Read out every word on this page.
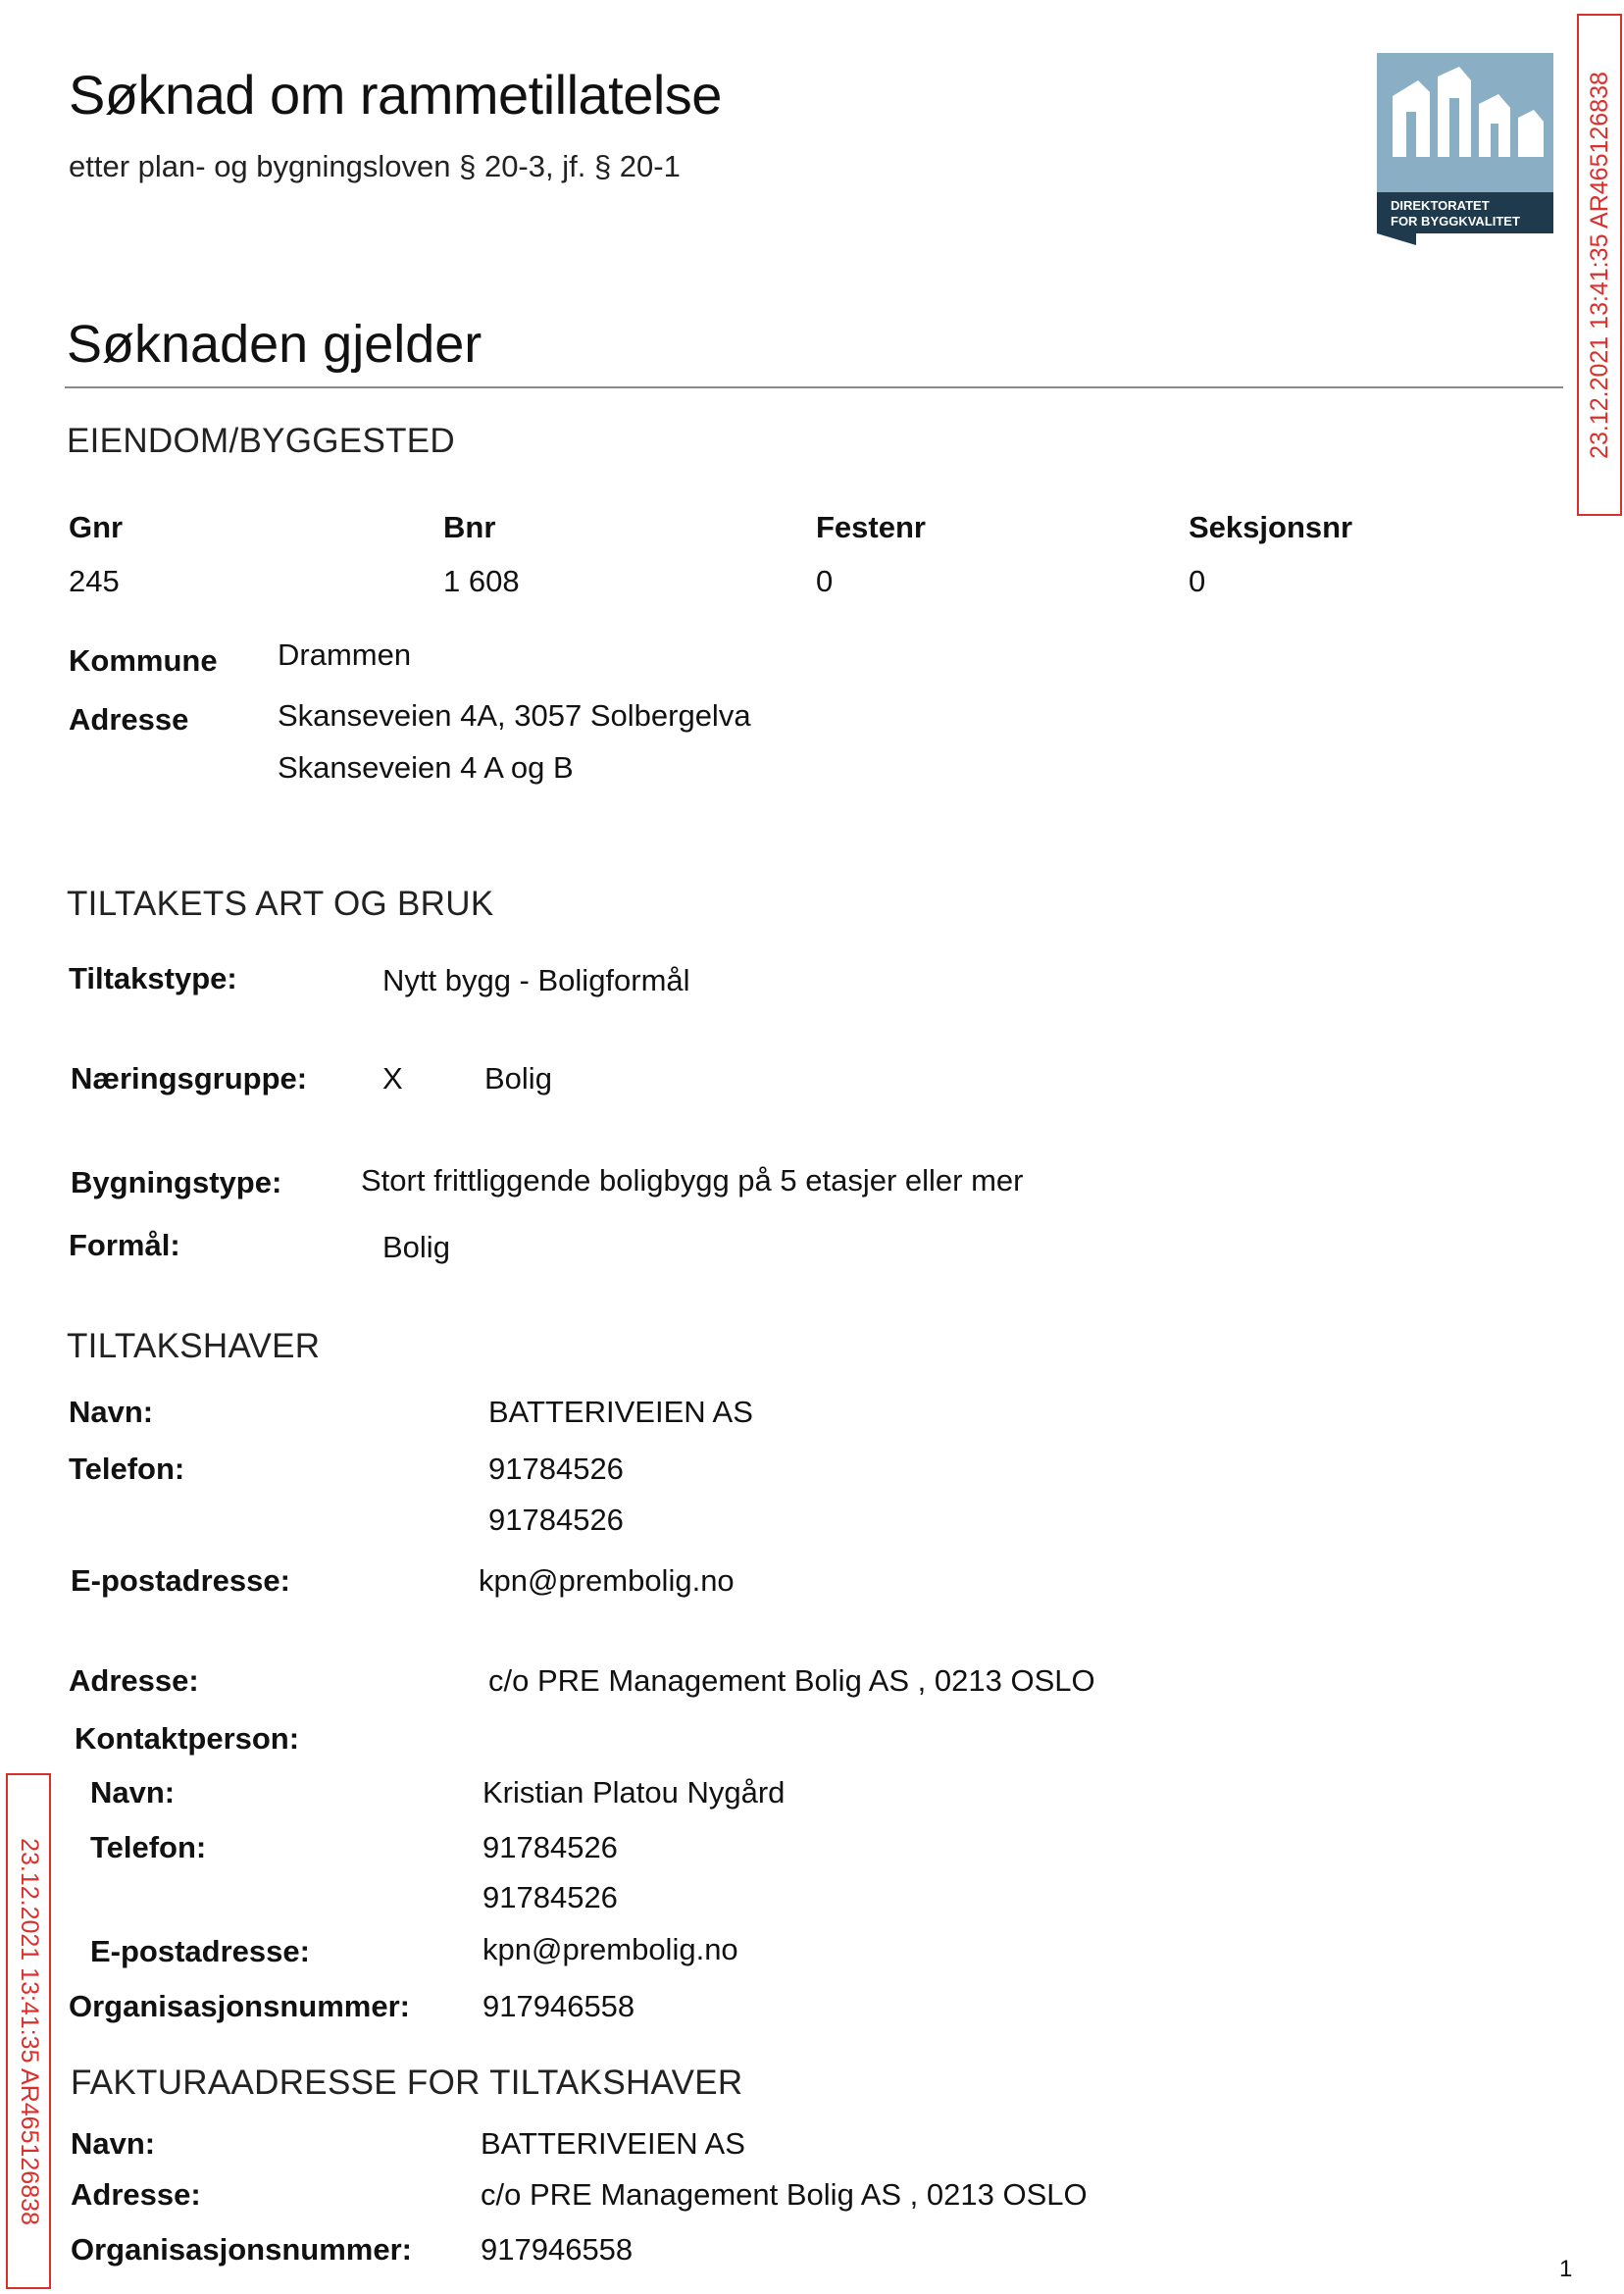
Søknad om rammetillatelse
etter plan- og bygningsloven § 20-3, jf. § 20-1
DIREKTORATET
FOR BYGGKVALITET	23.12.2021 13:41:35 AR465126838
Søknaden gjelder
EIENDOM/BYGGESTED
Gnr	Bnr	Festenr	Seksjonsnr
245	1 608	0	0
Kommune Drammen
Adresse	Skanseveien 4A, 3057 Solbergelva
Skanseveien 4 A og B
TILTAKETS ART OG BRUK
Tiltakstype:	Nytt bygg - Boligformål
Næringsgruppe: X	Bolig
Bygningstype:	Stort frittliggende boligbygg på 5 etasjer eller mer
Formål:	Bolig
TILTAKSHAVER
Navn:	BATTERIVEIEN AS
Telefon:	91784526
91784526
E-postadresse:	kpn@prembolig.no
Adresse:	c/o PRE Management Bolig AS , 0213 OSLO
Kontaktperson:
Navn:	Kristian Platou Nygård
Telefon:	91784526
91784526
E-postadresse:	kpn@prembolig.no
Organisasjonsnummer: 917946558
FAKTURAADRESSE FOR TILTAKSHAVER
Navn:	BATTERIVEIEN AS
Adresse:	c/o PRE Management Bolig AS , 0213 OSLO
Organisasjonsnummer: 917946558
23.12.2021 13:41:35 AR465126838
1
